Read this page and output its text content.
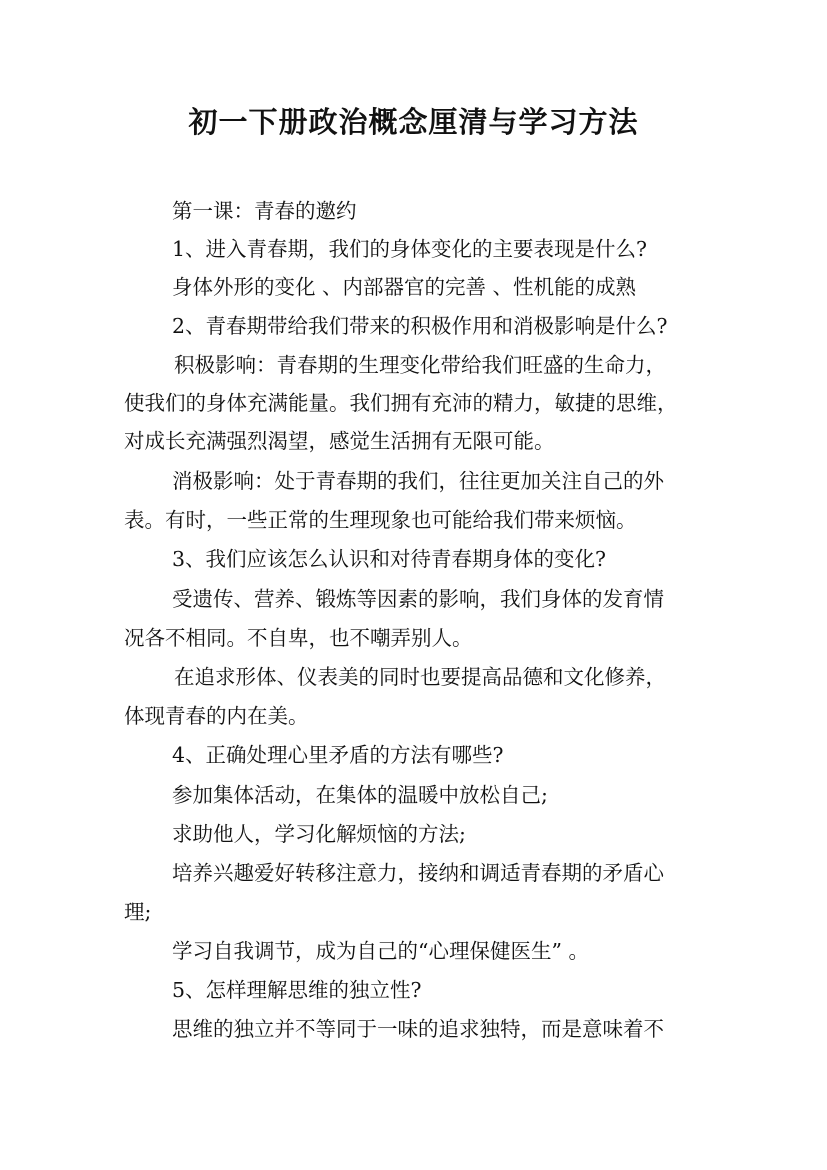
初一下册政治概念厘清与学习方法
第一课：青春的邀约
1、进入青春期，我们的身体变化的主要表现是什么?
身体外形的变化 、内部器官的完善 、性机能的成熟
2、青春期带给我们带来的积极作用和消极影响是什么?
积极影响：青春期的生理变化带给我们旺盛的生命力，
使我们的身体充满能量。我们拥有充沛的精力，敏捷的思维，
对成长充满强烈渴望，感觉生活拥有无限可能。
消极影响：处于青春期的我们，往往更加关注自己的外
表。有时，一些正常的生理现象也可能给我们带来烦恼。
3、我们应该怎么认识和对待青春期身体的变化?
受遗传、营养、锻炼等因素的影响，我们身体的发育情
况各不相同。不自卑，也不嘲弄别人。
在追求形体、仪表美的同时也要提高品德和文化修养，
体现青春的内在美。
4、正确处理心里矛盾的方法有哪些?
参加集体活动，在集体的温暖中放松自己;
求助他人，学习化解烦恼的方法;
培养兴趣爱好转移注意力，接纳和调适青春期的矛盾心
理;
学习自我调节，成为自己的“心理保健医生” 。
5、怎样理解思维的独立性?
思维的独立并不等同于一味的追求独特，而是意味着不
